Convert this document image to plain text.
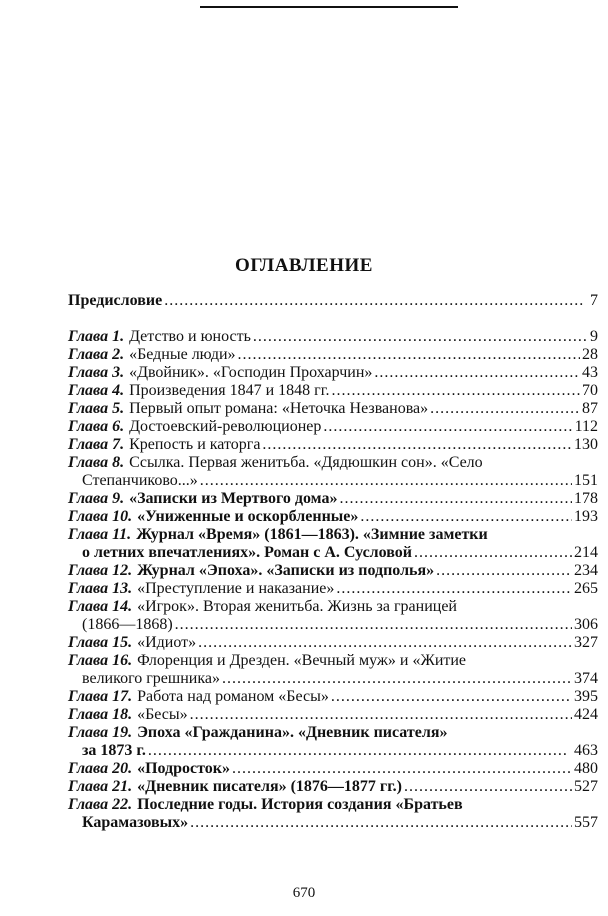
ОГЛАВЛЕНИЕ
Предисловие . . .	7
Глава 1. Детство и юность . . .	9
Глава 2. «Бедные люди» . . .	28
Глава 3. «Двойник». «Господин Прохарчин» . . .	43
Глава 4. Произведения 1847 и 1848 гг. . . .	70
Глава 5. Первый опыт романа: «Неточка Незванова» . . .	87
Глава 6. Достоевский-революционер . . .	112
Глава 7. Крепость и каторга . . .	130
Глава 8. Ссылка. Первая женитьба. «Дядюшкин сон». «Село
Степанчиково...» . . .	151
Глава 9. «Записки из Мертвого дома» . . .	178
Глава 10. «Униженные и оскорбленные» . . .	193
Глава 11. Журнал «Время» (1861—1863). «Зимние заметки
о летних впечатлениях». Роман с А. Сусловой . . .	214
Глава 12. Журнал «Эпоха». «Записки из подполья» . . .	234
Глава 13. «Преступление и наказание» . . .	265
Глава 14. «Игрок». Вторая женитьба. Жизнь за границей
(1866—1868) . . .	306
Глава 15. «Идиот» . . .	327
Глава 16. Флоренция и Дрезден. «Вечный муж» и «Житие
великого грешника» . . .	374
Глава 17. Работа над романом «Бесы» . . .	395
Глава 18. «Бесы» . . .	424
Глава 19. Эпоха «Гражданина». «Дневник писателя»
за 1873 г. . . .	463
Глава 20. «Подросток» . . .	480
Глава 21. «Дневник писателя» (1876—1877 гг.) . . .	527
Глава 22. Последние годы. История создания «Братьев
Карамазовых» . . .	557
670
